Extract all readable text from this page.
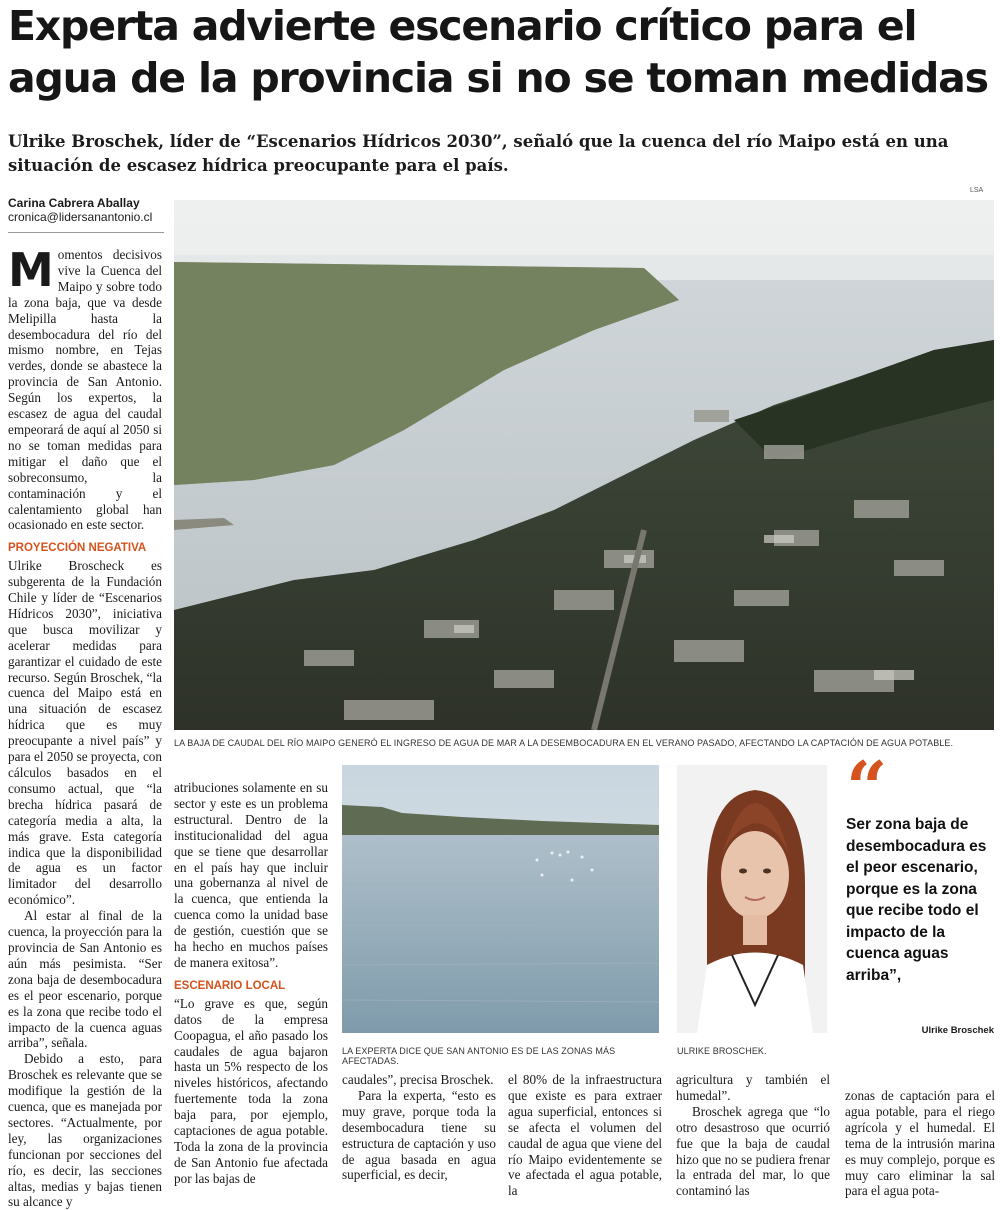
Experta advierte escenario crítico para el agua de la provincia si no se toman medidas
Ulrike Broschek, líder de “Escenarios Hídricos 2030”, señaló que la cuenca del río Maipo está en una situación de escasez hídrica preocupante para el país.
Carina Cabrera Aballay
cronica@lidersanantonio.cl
LSA
LA BAJA DE CAUDAL DEL RÍO MAIPO GENERÓ EL INGRESO DE AGUA DE MAR A LA DESEMBOCADURA EN EL VERANO PASADO, AFECTANDO LA CAPTACIÓN DE AGUA POTABLE.

Momentos decisivos vive la Cuenca del Maipo y sobre todo la zona baja, que va desde Melipilla hasta la desembocadura del río del mismo nombre, en Tejas verdes, donde se abastece la provincia de San Antonio. Según los expertos, la escasez de agua del caudal empeorará de aquí al 2050 si no se toman medidas para mitigar el daño que el sobreconsumo, la contaminación y el calentamiento global han ocasionado en este sector.

PROYECCIÓN NEGATIVA

Ulrike Broscheck es subgerenta de la Fundación Chile y líder de “Escenarios Hídricos 2030”, iniciativa que busca movilizar y acelerar medidas para garantizar el cuidado de este recurso. Según Broschek, “la cuenca del Maipo está en una situación de escasez hídrica que es muy preocupante a nivel país” y para el 2050 se proyecta, con cálculos basados en el consumo actual, que “la brecha hídrica pasará de categoría media a alta, la más grave. Esta categoría indica que la disponibilidad de agua es un factor limitador del desarrollo económico”.

Al estar al final de la cuenca, la proyección para la provincia de San Antonio es aún más pesimista. “Ser zona baja de desembocadura es el peor escenario, porque es la zona que recibe todo el impacto de la cuenca aguas arriba”, señala.

Debido a esto, para Broschek es relevante que se modifique la gestión de la cuenca, que es manejada por sectores. “Actualmente, por ley, las organizaciones funcionan por secciones del río, es decir, las secciones altas, medias y bajas tienen su alcance y

atribuciones solamente en su sector y este es un problema estructural. Dentro de la institucionalidad del agua que se tiene que desarrollar en el país hay que incluir una gobernanza al nivel de la cuenca, que entienda la cuenca como la unidad base de gestión, cuestión que se ha hecho en muchos países de manera exitosa”.

ESCENARIO LOCAL

“Lo grave es que, según datos de la empresa Coopagua, el año pasado los caudales de agua bajaron hasta un 5% respecto de los niveles históricos, afectando fuertemente toda la zona baja para, por ejemplo, captaciones de agua potable. Toda la zona de la provincia de San Antonio fue afectada por las bajas de

LA EXPERTA DICE QUE SAN ANTONIO ES DE LAS ZONAS MÁS AFECTADAS.
ULRIKE BROSCHEK.
“
Ser zona baja de desembocadura es el peor escenario, porque es la zona que recibe todo el impacto de la cuenca aguas arriba”,
Ulrike Broschek

caudales”, precisa Broschek.

Para la experta, “esto es muy grave, porque toda la desembocadura tiene su estructura de captación y uso de agua basada en agua superficial, es decir,

el 80% de la infraestructura que existe es para extraer agua superficial, entonces si se afecta el volumen del caudal de agua que viene del río Maipo evidentemente se ve afectada el agua potable, la

agricultura y también el humedal”.

Broschek agrega que “lo otro desastroso que ocurrió fue que la baja de caudal hizo que no se pudiera frenar la entrada del mar, lo que contaminó las

zonas de captación para el agua potable, para el riego agrícola y el humedal. El tema de la intrusión marina es muy complejo, porque es muy caro eliminar la sal para el agua pota-
